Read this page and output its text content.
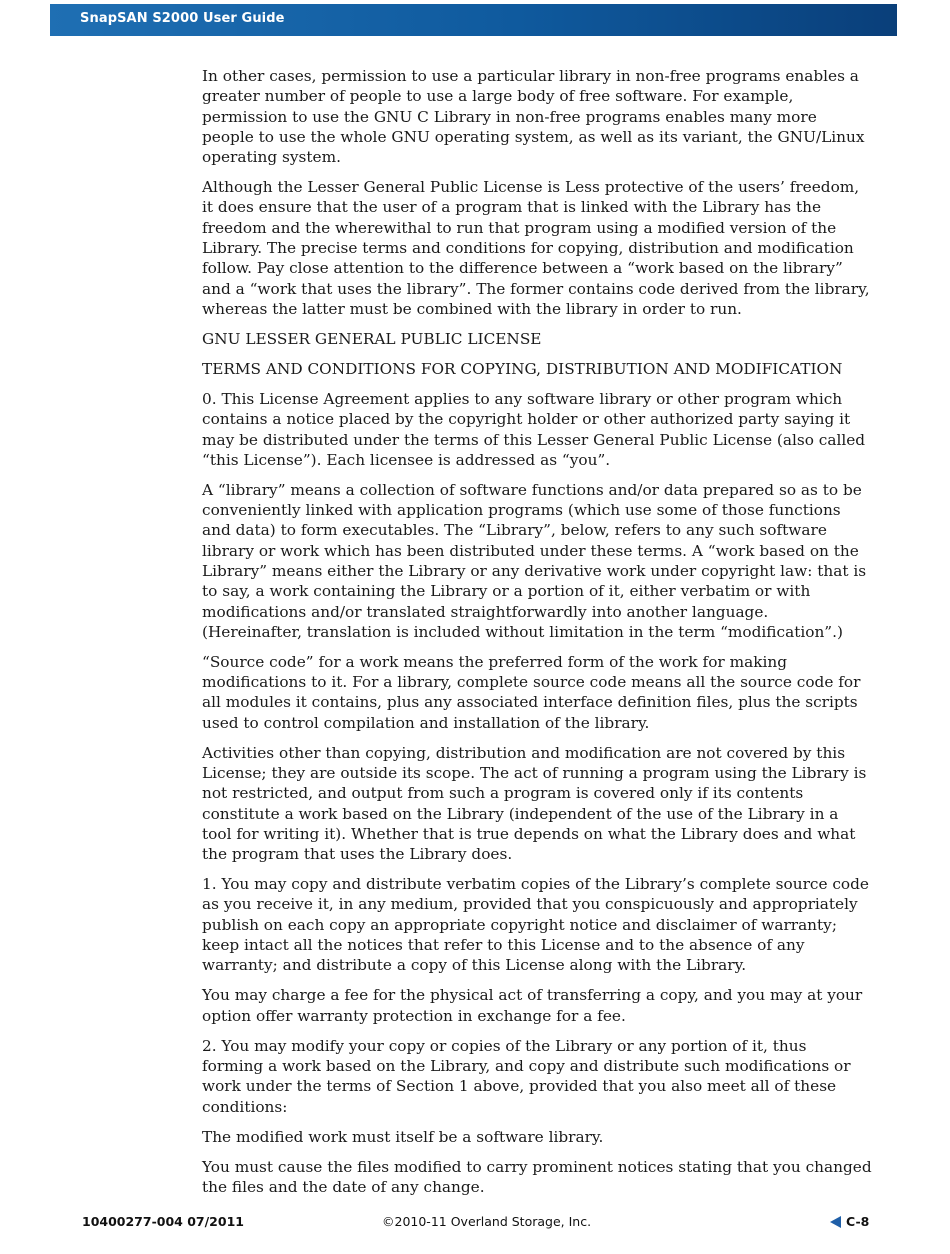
SnapSAN S2000 User Guide

In other cases, permission to use a particular library in non-free programs enables a greater number of people to use a large body of free software. For example, permission to use the GNU C Library in non-free programs enables many more people to use the whole GNU operating system, as well as its variant, the GNU/Linux operating system.

Although the Lesser General Public License is Less protective of the users’ freedom, it does ensure that the user of a program that is linked with the Library has the freedom and the wherewithal to run that program using a modified version of the Library. The precise terms and conditions for copying, distribution and modification follow. Pay close attention to the difference between a “work based on the library” and a “work that uses the library”. The former contains code derived from the library, whereas the latter must be combined with the library in order to run.

GNU LESSER GENERAL PUBLIC LICENSE

TERMS AND CONDITIONS FOR COPYING, DISTRIBUTION AND MODIFICATION

0. This License Agreement applies to any software library or other program which contains a notice placed by the copyright holder or other authorized party saying it may be distributed under the terms of this Lesser General Public License (also called “this License”). Each licensee is addressed as “you”.

A “library” means a collection of software functions and/or data prepared so as to be conveniently linked with application programs (which use some of those functions and data) to form executables. The “Library”, below, refers to any such software library or work which has been distributed under these terms. A “work based on the Library” means either the Library or any derivative work under copyright law: that is to say, a work containing the Library or a portion of it, either verbatim or with modifications and/or translated straightforwardly into another language. (Hereinafter, translation is included without limitation in the term “modification”.)

“Source code” for a work means the preferred form of the work for making modifications to it. For a library, complete source code means all the source code for all modules it contains, plus any associated interface definition files, plus the scripts used to control compilation and installation of the library.

Activities other than copying, distribution and modification are not covered by this License; they are outside its scope. The act of running a program using the Library is not restricted, and output from such a program is covered only if its contents constitute a work based on the Library (independent of the use of the Library in a tool for writing it). Whether that is true depends on what the Library does and what the program that uses the Library does.

1. You may copy and distribute verbatim copies of the Library’s complete source code as you receive it, in any medium, provided that you conspicuously and appropriately publish on each copy an appropriate copyright notice and disclaimer of warranty; keep intact all the notices that refer to this License and to the absence of any warranty; and distribute a copy of this License along with the Library.

You may charge a fee for the physical act of transferring a copy, and you may at your option offer warranty protection in exchange for a fee.

2. You may modify your copy or copies of the Library or any portion of it, thus forming a work based on the Library, and copy and distribute such modifications or work under the terms of Section 1 above, provided that you also meet all of these conditions:

The modified work must itself be a software library.

You must cause the files modified to carry prominent notices stating that you changed the files and the date of any change.

10400277-004 07/2011	©2010-11 Overland Storage, Inc.	C-8
